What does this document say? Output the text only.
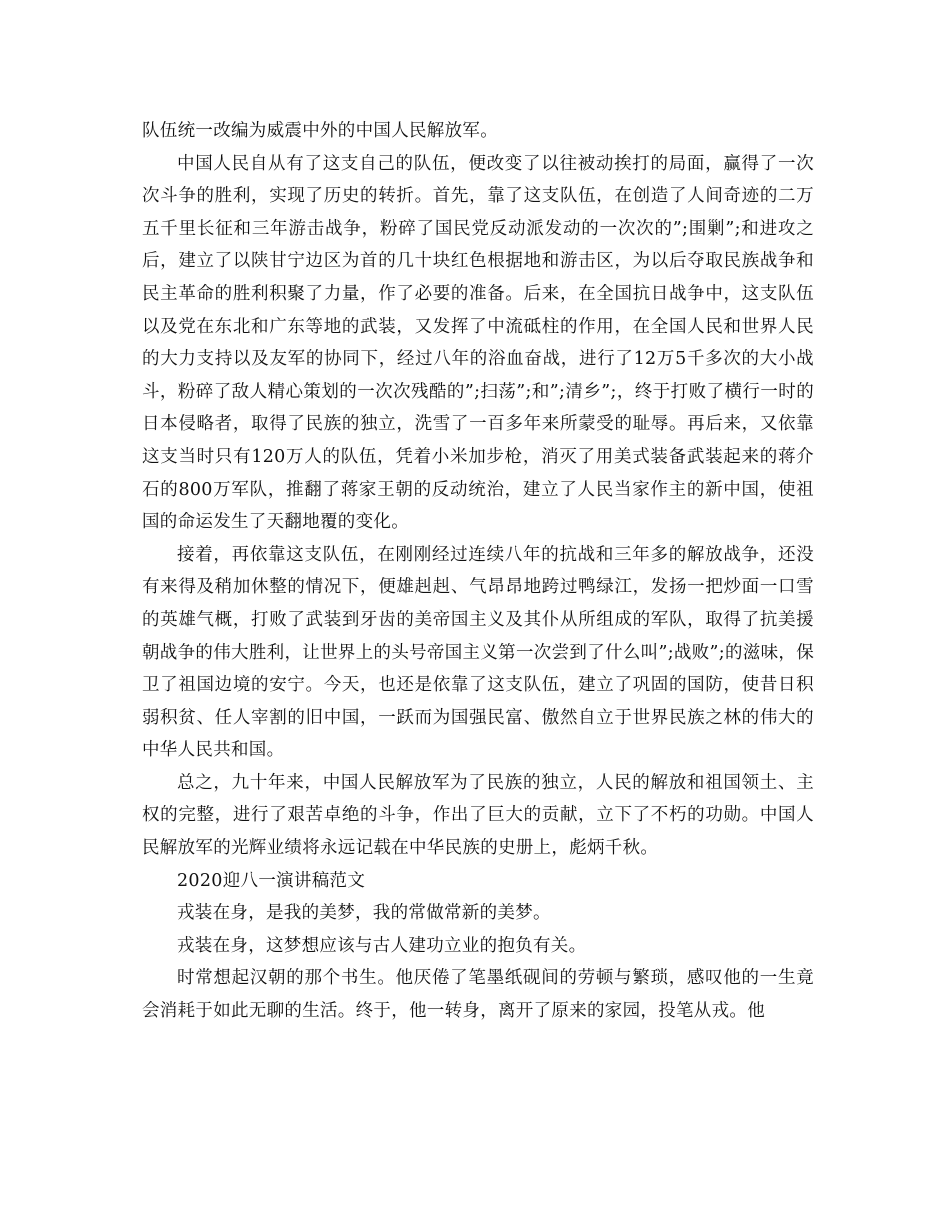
队伍统一改编为威震中外的中国人民解放军。

中国人民自从有了这支自己的队伍，便改变了以往被动挨打的局面，赢得了一次次斗争的胜利，实现了历史的转折。首先，靠了这支队伍，在创造了人间奇迹的二万五千里长征和三年游击战争，粉碎了国民党反动派发动的一次次的”;围剿”;和进攻之后，建立了以陕甘宁边区为首的几十块红色根据地和游击区，为以后夺取民族战争和民主革命的胜利积聚了力量，作了必要的准备。后来，在全国抗日战争中，这支队伍以及党在东北和广东等地的武装，又发挥了中流砥柱的作用，在全国人民和世界人民的大力支持以及友军的协同下，经过八年的浴血奋战，进行了12万5千多次的大小战斗，粉碎了敌人精心策划的一次次残酷的”;扫荡”;和”;清乡”;，终于打败了横行一时的日本侵略者，取得了民族的独立，洗雪了一百多年来所蒙受的耻辱。再后来，又依靠这支当时只有120万人的队伍，凭着小米加步枪，消灭了用美式装备武装起来的蒋介石的800万军队，推翻了蒋家王朝的反动统治，建立了人民当家作主的新中国，使祖国的命运发生了天翻地覆的变化。

接着，再依靠这支队伍，在刚刚经过连续八年的抗战和三年多的解放战争，还没有来得及稍加休整的情况下，便雄赳赳、气昂昂地跨过鸭绿江，发扬一把炒面一口雪的英雄气概，打败了武装到牙齿的美帝国主义及其仆从所组成的军队，取得了抗美援朝战争的伟大胜利，让世界上的头号帝国主义第一次尝到了什么叫”;战败”;的滋味，保卫了祖国边境的安宁。今天，也还是依靠了这支队伍，建立了巩固的国防，使昔日积弱积贫、任人宰割的旧中国，一跃而为国强民富、傲然自立于世界民族之林的伟大的中华人民共和国。

总之，九十年来，中国人民解放军为了民族的独立，人民的解放和祖国领土、主权的完整，进行了艰苦卓绝的斗争，作出了巨大的贡献，立下了不朽的功勋。中国人民解放军的光辉业绩将永远记载在中华民族的史册上，彪炳千秋。

2020迎八一演讲稿范文

戎装在身，是我的美梦，我的常做常新的美梦。

戎装在身，这梦想应该与古人建功立业的抱负有关。

时常想起汉朝的那个书生。他厌倦了笔墨纸砚间的劳顿与繁琐，感叹他的一生竟会消耗于如此无聊的生活。终于，他一转身，离开了原来的家园，投笔从戎。他
